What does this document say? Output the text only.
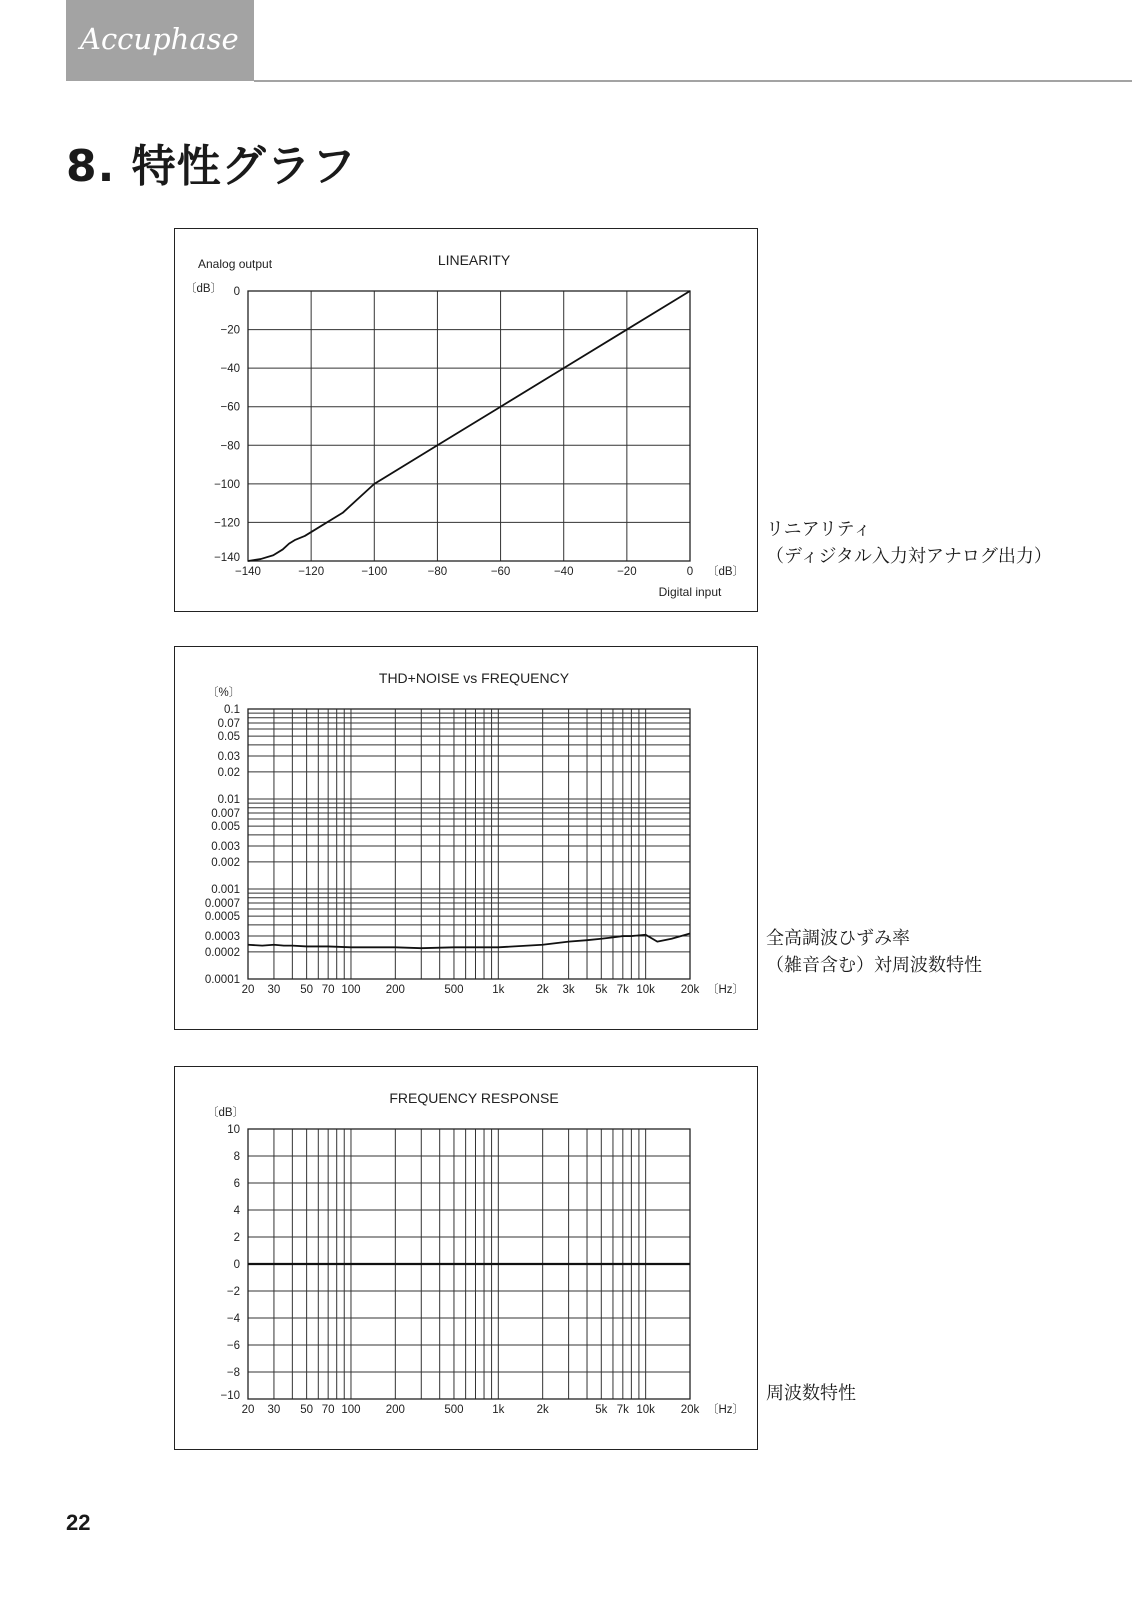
Accuphase
8. 特性グラフ
LINEARITY
0
−20
−40
−60
−80
−100
−120
−140
−140	−120	−100	−80	−60	−40	−20	0
〔dB〕
Analog output
〔dB〕
Digital input
THD+NOISE vs FREQUENCY
0.1
0.07
0.05
0.03
0.02
0.01
0.007
0.005
0.003
0.002
0.001
0.0007
0.0005
0.0003
0.0002
0.0001
20 30 50 70 100 200	500 1k	2k 3k 5k 7k 10k 20k
〔%〕
〔Hz〕
FREQUENCY RESPONSE
10
8
6
4
2
0
−2
−4
−6
−8
−10
20 30 50 70 100 200	500 1k	2k	5k 7k 10k 20k
〔dB〕
〔Hz〕
リニアリティ
（ディジタル入力対アナログ出力）
全高調波ひずみ率
（雑音含む）対周波数特性
周波数特性
22
